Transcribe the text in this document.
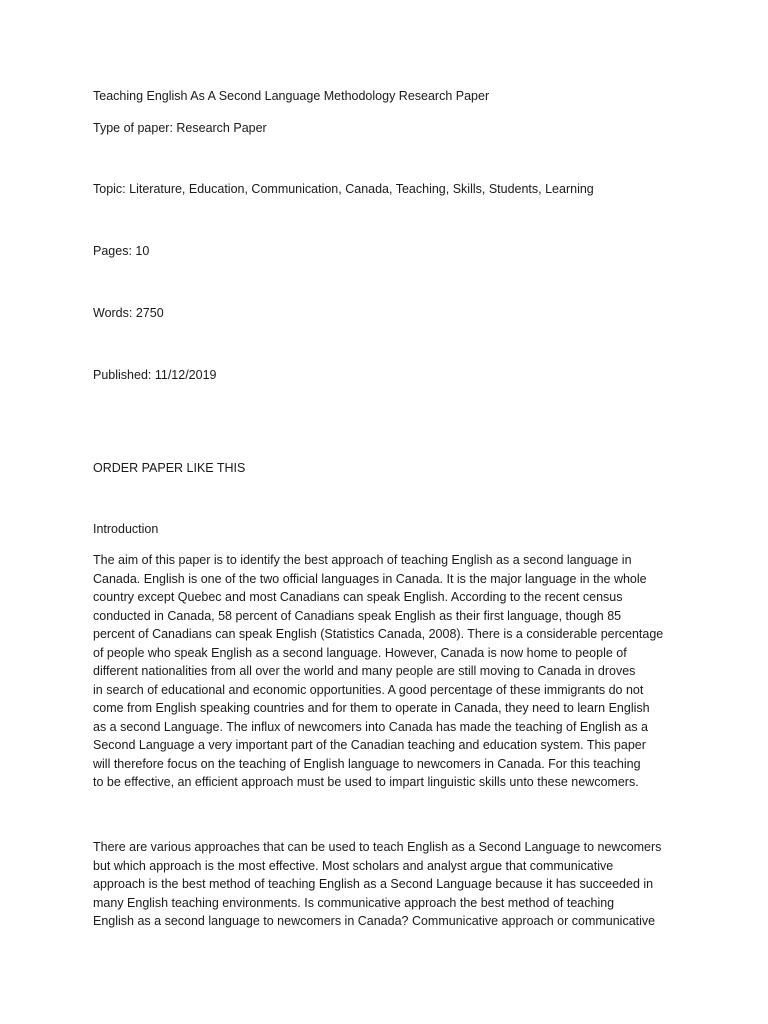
Teaching English As A Second Language Methodology Research Paper
Type of paper: Research Paper
Topic: Literature, Education, Communication, Canada, Teaching, Skills, Students, Learning
Pages: 10
Words: 2750
Published: 11/12/2019
ORDER PAPER LIKE THIS
Introduction
The aim of this paper is to identify the best approach of teaching English as a second language in
Canada. English is one of the two official languages in Canada. It is the major language in the whole
country except Quebec and most Canadians can speak English. According to the recent census
conducted in Canada, 58 percent of Canadians speak English as their first language, though 85
percent of Canadians can speak English (Statistics Canada, 2008). There is a considerable percentage
of people who speak English as a second language. However, Canada is now home to people of
different nationalities from all over the world and many people are still moving to Canada in droves
in search of educational and economic opportunities. A good percentage of these immigrants do not
come from English speaking countries and for them to operate in Canada, they need to learn English
as a second Language. The influx of newcomers into Canada has made the teaching of English as a
Second Language a very important part of the Canadian teaching and education system. This paper
will therefore focus on the teaching of English language to newcomers in Canada. For this teaching
to be effective, an efficient approach must be used to impart linguistic skills unto these newcomers.
There are various approaches that can be used to teach English as a Second Language to newcomers
but which approach is the most effective. Most scholars and analyst argue that communicative
approach is the best method of teaching English as a Second Language because it has succeeded in
many English teaching environments. Is communicative approach the best method of teaching
English as a second language to newcomers in Canada? Communicative approach or communicative
